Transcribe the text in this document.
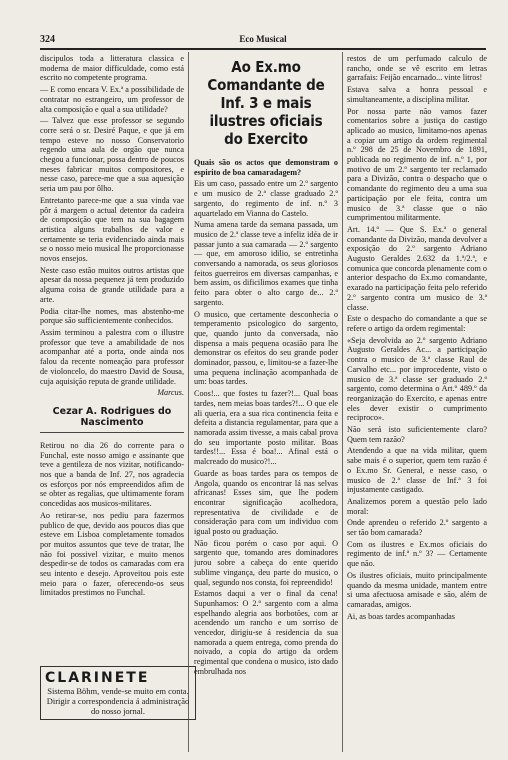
324	Eco Musical

discipulos toda a litteratura classica e moderna de maior difficuldade, como está escrito no competente programa.

— E como encara V. Ex.ª a possibilidade de contratar no estrangeiro, um professor de alta composição e qual a sua utilidade?

— Talvez que esse professor se segundo corre será o sr. Desiré Paque, e que já em tempo esteve no nosso Conservatorio regendo uma aula de orgão que nunca chegou a funcionar, possa dentro de poucos meses fabricar muitos compositores, e nesse caso, parece-me que a sua aquesição seria um pau por ôlho.

Entretanto parece-me que a sua vinda vae pôr á margem o actual detentor da cadeira de composição que tem na sua bagagem artistica alguns trabalhos de valor e certamente se teria evidenciado ainda mais se o nosso meio musical lhe proporcionasse novos ensejos.

Neste caso estão muitos outros artistas que apesar da nossa pequenez já tem produzido alguma coisa de grande utilidade para a arte.

Podia citar-lhe nomes, mas abstenho-me porque são sufficientemente conhecidos.

Assim terminou a palestra com o illustre professor que teve a amabilidade de nos acompanhar até a porta, onde ainda nos falou da recente nomeação para professor de violoncelo, do maestro David de Sousa, cuja aquisição reputa de grande utilidade.

Marcus.

Cezar A. Rodrigues do Nascimento

Retirou no dia 26 do corrente para o Funchal, este nosso amigo e assinante que teve a gentileza de nos vizitar, notificando-nos que a banda de Inf. 27, nos agradecia os esforços por nós empreendidos afim de se obter as regalias, que ultimamente foram concedidas aos musicos-militares.

Ao retirar-se, nos pediu para fazermos publico de que, devido aos poucos dias que esteve em Lisboa completamente tomados por muitos assuntos que teve de tratar, lhe não foi possivel vizitar, e muito menos despedir-se de todos os camaradas com era seu intento e desejo. Aproveitou pois este meio para o fazer, oferecendo-os seus limitados prestimos no Funchal.

CLARINETE
Sistema Böhm, vende-se muito em conta. Dirigir a correspondencia á administração do nosso jornal.
Ao Ex.mo Comandante de Inf. 3 e mais ilustres oficiais do Exercito

Quais são os actos que demonstram o espirito de boa camaradagem?

Eis um caso, passado entre um 2.º sargento e um musico de 2.ª classe graduado 2.º sargento, do regimento de inf. n.º 3 aquartelado em Vianna do Castelo.

Numa amena tarde da semana passada, um musico de 2.ª classe teve a infeliz idéa de ir passar junto a sua camarada — 2.º sargento — que, em amoroso idilio, se entretinha conversando a namorada, os seus gloriosos feitos guerreiros em diversas campanhas, e bem assim, os dificilimos exames que tinha feito para obter o alto cargo de... 2.º sargento.

O musico, que certamente desconhecia o temperamento psicologico do sargento, que, quando junto da conversada, não dispensa a mais pequena ocasião para lhe demonstrar os efeitos do seu grande poder dominador, passou, e, limitou-se a fazer-lhe uma pequena inclinação acompanhada de um: boas tardes.

Coos!... que fostes tu fazer?!... Qual boas tardes, nem meias boas tardes?!... O que ele ali queria, era a sua rica continencia feita e defeita a distancia regulamentar, para que a namorada assim tivesse, a mais cabal prova do seu importante posto militar. Boas tardes!!... Essa é boa!... Afinal está o malcreado do musico?!...

Guarde as boas tardes para os tempos de Angola, quando os encontrar lá nas selvas africanas! Esses sim, que lhe podem encontrar significação acolhedora, representativa de civilidade e de consideração para com um individuo com igual posto ou graduação.

Não ficou porém o caso por aqui. O sargento que, tomando ares dominadores jurou sobre a cabeça do ente querido sublime vingança, deu parte do musico, o qual, segundo nos consta, foi repreendido!

Estamos daqui a ver o final da cena! Supunhamos: O 2.º sargento com a alma espelhando alegria aos borbotões, com ar acendendo um rancho e um sorriso de vencedor, dirigiu-se á residencia da sua namorada a quem entrega, como prenda do noivado, a copia do artigo da ordem regimental que condena o musico, isto dado embrulhada nos

restos de um perfumado calculo de rancho, onde se vê escrito em letras garrafais: Feijão encarnado... vinte litros!

Estava salva a honra pessoal e simultaneamente, a disciplina militar.

Por nossa parte não vamos fazer comentarios sobre a justiça do castigo aplicado ao musico, limitamo-nos apenas a copiar um artigo da ordem regimental n.º 298 de 25 de Novembro de 1891, publicada no regimento de inf. n.º 1, por motivo de um 2.º sargento ter reclamado para a Divizão, contra o despacho que o comandante do regimento deu a uma sua participação por ele feita, contra um musico de 3.ª classe que o não cumprimentou militarmente.

Art. 14.º — Que S. Ex.ª o general comandante da Divizão, manda devolver a exposição do 2.º sargento Adriano Augusto Geraldes 2.632 da 1.ª/2.ª, e comunica que concorda plenamente com o anterior despacho do Ex.mo comandante, exarado na participação feita pelo referido 2.º sargento contra um musico de 3.ª classe.

Este o despacho do comandante a que se refere o artigo da ordem regimental:

«Seja devolvida ao 2.º sargento Adriano Augusto Geraldes Ac... a participação contra o musico de 3.ª classe Raul de Carvalho etc... por improcedente, visto o musico de 3.ª classe ser graduado 2.º sargento, como determina o Art.º 489.º da reorganização do Exercito, e apenas entre eles dever existir o cumprimento reciproco».

Não será isto suficientemente claro? Quem tem razão?

Atendendo a que na vida militar, quem sabe mais é o superior, quem tem razão é o Ex.mo Sr. General, e nesse caso, o musico de 2.ª classe de Inf.ª 3 foi injustamente castigado.

Analizemos porem a questão pelo lado moral:

Onde aprendeu o referido 2.º sargento a ser tão bom camarada?

Com os ilustres e Ex.mos oficiais do regimento de inf.ª n.º 3? — Certamente que não.

Os ilustres oficiais, muito principalmente quando da mesma unidade, mantem entre si uma afectuosa amisade e são, além de camaradas, amigos.

Ai, as boas tardes acompanhadas
